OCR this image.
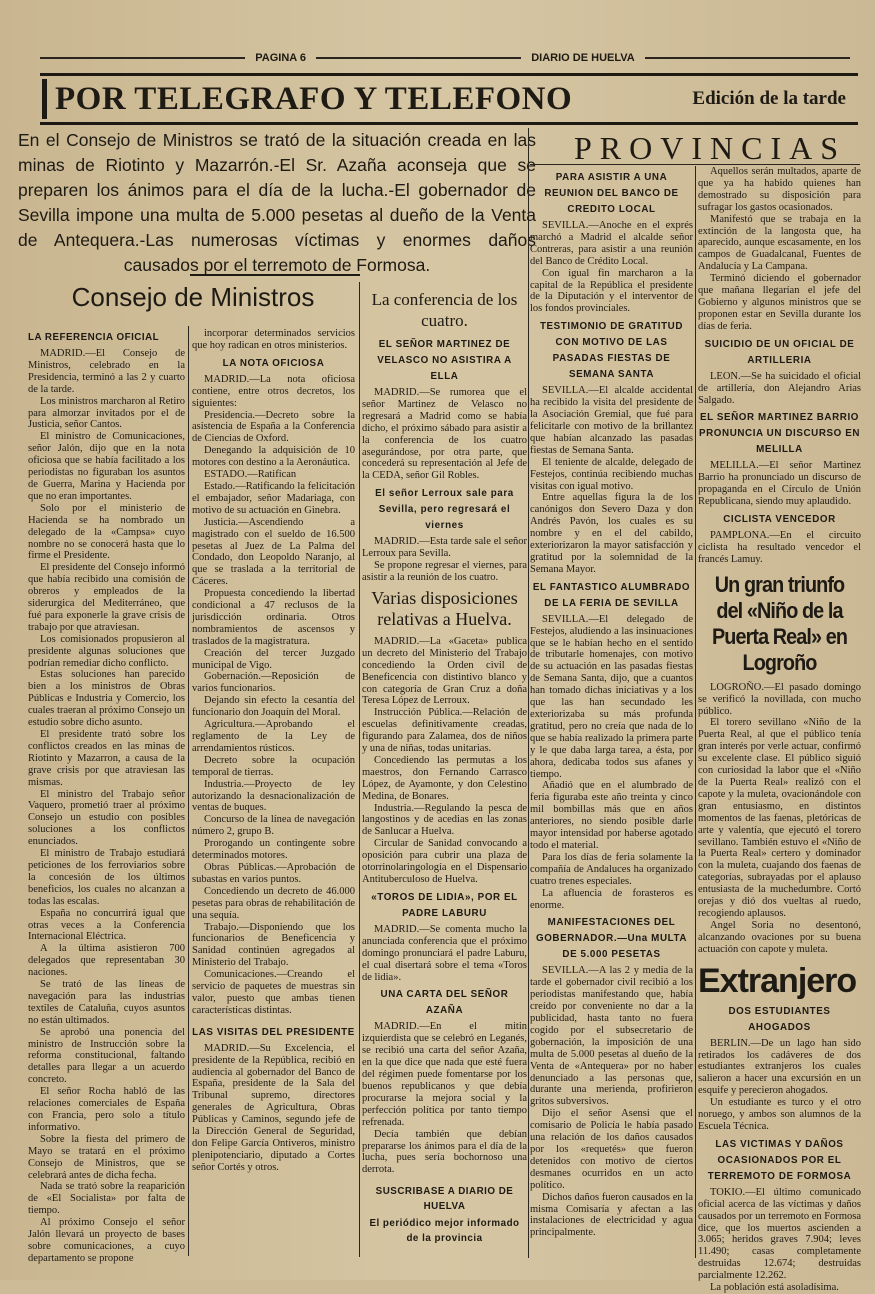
PAGINA 6	DIARIO DE HUELVA
POR TELEGRAFO Y TELEFONO	Edición de la tarde
En el Consejo de Ministros se trató de la situación creada en las minas de Riotinto y Mazarrón.-El Sr. Azaña aconseja que se preparen los ánimos para el día de la lucha.-El gobernador de Sevilla impone una multa de 5.000 pesetas al dueño de la Venta de Antequera.-Las numerosas víctimas y enormes daños causados por el terremoto de Formosa.
Consejo de Ministros
LA REFERENCIA OFICIAL

MADRID.—El Consejo de Ministros, celebrado en la Presidencia, terminó a las 2 y cuarto de la tarde.

Los ministros marcharon al Retiro para almorzar invitados por el de Justicia, señor Cantos.

El ministro de Comunicaciones, señor Jalón, dijo que en la nota oficiosa que se había facilitado a los periodistas no figuraban los asuntos de Guerra, Marina y Hacienda por que no eran importantes.

Solo por el ministerio de Hacienda se ha nombrado un delegado de la «Campsa» cuyo nombre no se conocerá hasta que lo firme el Presidente.

El presidente del Consejo informó que había recibido una comisión de obreros y empleados de la siderurgica del Mediterráneo, que fué para exponerle la grave crisis de trabajo por que atraviesan.

Los comisionados propusieron al presidente algunas soluciones que podrían remediar dicho conflicto.

Estas soluciones han parecido bien a los ministros de Obras Públicas e Industria y Comercio, los cuales traeran al próximo Consejo un estudio sobre dicho asunto.

El presidente trató sobre los conflictos creados en las minas de Riotinto y Mazarron, a causa de la grave crisis por que atraviesan las mismas.

El ministro del Trabajo señor Vaquero, prometió traer al próximo Consejo un estudio con posibles soluciones a los conflictos enunciados.

El ministro de Trabajo estudiará peticiones de los ferroviarios sobre la concesión de los últimos beneficios, los cuales no alcanzan a todas las escalas.

España no concurrirá igual que otras veces a la Conferencia Internacional Eléctrica.

A la última asistieron 700 delegados que representaban 30 naciones.

Se trató de las líneas de navegación para las industrias textiles de Cataluña, cuyos asuntos no están ultimados.

Se aprobó una ponencia del ministro de Instrucción sobre la reforma constitucional, faltando detalles para llegar a un acuerdo concreto.

El señor Rocha habló de las relaciones comerciales de España con Francia, pero solo a título informativo.

Sobre la fiesta del primero de Mayo se tratará en el próximo Consejo de Ministros, que se celebrará antes de dicha fecha.

Nada se trató sobre la reaparición de «El Socialista» por falta de tiempo.

Al próximo Consejo el señor Jalón llevará un proyecto de bases sobre comunicaciones, a cuyo departamento se propone

incorporar determinados servicios que hoy radican en otros ministerios.

LA NOTA OFICIOSA

MADRID.—La nota oficiosa contiene, entre otros decretos, los siguientes:

Presidencia.—Decreto sobre la asistencia de España a la Conferencia de Ciencias de Oxford.

Denegando la adquisición de 10 motores con destino a la Aeronáutica.

ESTADO.—Ratifican

Estado.—Ratificando la felicitación el embajador, señor Madariaga, con motivo de su actuación en Ginebra.

Justicia.—Ascendiendo a magistrado con el sueldo de 16.500 pesetas al Juez de La Palma del Condado, don Leopoldo Naranjo, al que se traslada a la territorial de Cáceres.

Propuesta concediendo la libertad condicional a 47 reclusos de la jurisdicción ordinaria. Otros nombramientos de ascensos y traslados de la magistratura.

Creación del tercer Juzgado municipal de Vigo.

Gobernación.—Reposición de varios funcionarios.

Dejando sin efecto la cesantía del funcionario don Joaquín del Moral.

Agricultura.—Aprobando el reglamento de la Ley de arrendamientos rústicos.

Decreto sobre la ocupación temporal de tierras.

Industria.—Proyecto de ley autorizando la desnacionalización de ventas de buques.

Concurso de la línea de navegación número 2, grupo B.

Prorogando un contingente sobre determinados motores.

Obras Públicas.—Aprobación de subastas en varios puntos.

Concediendo un decreto de 46.000 pesetas para obras de rehabilitación de una sequía.

Trabajo.—Disponiendo que los funcionarios de Beneficencia y Sanidad continúen agregados al Ministerio del Trabajo.

Comunicaciones.—Creando el servicio de paquetes de muestras sin valor, puesto que ambas tienen características distintas.

LAS VISITAS DEL PRESIDENTE

MADRID.—Su Excelencia, el presidente de la República, recibió en audiencia al gobernador del Banco de España, presidente de la Sala del Tribunal supremo, directores generales de Agricultura, Obras Públicas y Caminos, segundo jefe de la Dirección General de Seguridad, don Felipe García Ontiveros, ministro plenipotenciario, diputado a Cortes señor Cortés y otros.

La conferencia de los cuatro.
EL SEÑOR MARTINEZ DE VELASCO NO ASISTIRA A ELLA

MADRID.—Se rumorea que el señor Martinez de Velasco no regresará a Madrid como se había dicho, el próximo sábado para asistir a la conferencia de los cuatro asegurándose, por otra parte, que concederá su representación al Jefe de la CEDA, señor Gil Robles.

El señor Lerroux sale para Sevilla, pero regresará el viernes

MADRID.—Esta tarde sale el señor Lerroux para Sevilla.

Se propone regresar el viernes, para asistir a la reunión de los cuatro.

Varias disposiciones relativas a Huelva.

MADRID.—La «Gaceta» publica un decreto del Ministerio del Trabajo concediendo la Orden civil de Beneficencia con distintivo blanco y con categoría de Gran Cruz a doña Teresa López de Lerroux.

Instrucción Pública.—Relación de escuelas definitivamente creadas, figurando para Zalamea, dos de niños y una de niñas, todas unitarias.

Concediendo las permutas a los maestros, don Fernando Carrasco López, de Ayamonte, y don Celestino Medina, de Bonares.

Industria.—Regulando la pesca de langostinos y de acedias en las zonas de Sanlucar a Huelva.

Circular de Sanidad convocando a oposición para cubrir una plaza de otorrinolaringología en el Dispensario Antituberculoso de Huelva.

«TOROS DE LIDIA», POR EL PADRE LABURU

MADRID.—Se comenta mucho la anunciada conferencia que el próximo domingo pronunciará el padre Laburu, el cual disertará sobre el tema «Toros de lidia».

UNA CARTA DEL SEÑOR AZAÑA

MADRID.—En el mitin izquierdista que se celebró en Leganés, se recibió una carta del señor Azaña, en la que dice que nada que esté fuera del régimen puede fomentarse por los buenos republicanos y que debía procurarse la mejora social y la perfección política por tanto tiempo refrenada.

Decía también que debían prepararse los ánimos para el día de la lucha, pues sería bochornoso una derrota.

SUSCRIBASE A DIARIO DE HUELVA
El periódico mejor informado de la provincia
PROVINCIAS
PARA ASISTIR A UNA REUNION DEL BANCO DE CREDITO LOCAL

SEVILLA.—Anoche en el exprés marchó a Madrid el alcalde señor Contreras, para asistir a una reunión del Banco de Crédito Local.

Con igual fin marcharon a la capital de la República el presidente de la Diputación y el interventor de los fondos provinciales.

TESTIMONIO DE GRATITUD CON MOTIVO DE LAS PASADAS FIESTAS DE SEMANA SANTA

SEVILLA.—El alcalde accidental ha recibido la visita del presidente de la Asociación Gremial, que fué para felicitarle con motivo de la brillantez que habían alcanzado las pasadas fiestas de Semana Santa.

El teniente de alcalde, delegado de Festejos, continúa recibiendo muchas visitas con igual motivo.

Entre aquellas figura la de los canónigos don Severo Daza y don Andrés Pavón, los cuales es su nombre y en el del cabildo, exteriorizaron la mayor satisfacción y gratitud por la solemnidad de la Semana Mayor.

EL FANTASTICO ALUMBRADO DE LA FERIA DE SEVILLA

SEVILLA.—El delegado de Festejos, aludiendo a las insinuaciones que se le habían hecho en el sentido de tributarle homenajes, con motivo de su actuación en las pasadas fiestas de Semana Santa, dijo, que a cuantos han tomado dichas iniciativas y a los que las han secundado les exteriorizaba su más profunda gratitud, pero no creía que nada de lo que se había realizado la primera parte y le que daba larga tarea, a ésta, por ahora, dedicaba todos sus afanes y tiempo.

Añadió que en el alumbrado de feria figuraba este año treinta y cinco mil bombillas más que en años anteriores, no siendo posible darle mayor intensidad por haberse agotado todo el material.

Para los días de feria solamente la compañía de Andaluces ha organizado cuatro trenes especiales.

La afluencia de forasteros es enorme.

MANIFESTACIONES DEL GOBERNADOR.—Una MULTA DE 5.000 PESETAS

SEVILLA.—A las 2 y media de la tarde el gobernador civil recibió a los periodistas manifestando que, había creído por conveniente no dar a la publicidad, hasta tanto no fuera cogido por el subsecretario de gobernación, la imposición de una multa de 5.000 pesetas al dueño de la Venta de «Antequera» por no haber denunciado a las personas que, durante una merienda, profirieron gritos subversivos.

Dijo el señor Asensi que el comisario de Policía le había pasado una relación de los daños causados por los «requetés» que fueron detenidos con motivo de ciertos desmanes ocurridos en un acto político.

Dichos daños fueron causados en la misma Comisaría y afectan a las instalaciones de electricidad y agua principalmente.

Aquellos serán multados, aparte de que ya ha habido quienes han demostrado su disposición para sufragar los gastos ocasionados.

Manifestó que se trabaja en la extinción de la langosta que, ha aparecido, aunque escasamente, en los campos de Guadalcanal, Fuentes de Andalucía y La Campana.

Terminó diciendo el gobernador que mañana llegarían el jefe del Gobierno y algunos ministros que se proponen estar en Sevilla durante los días de feria.

SUICIDIO DE UN OFICIAL DE ARTILLERIA

LEON.—Se ha suicidado el oficial de artillería, don Alejandro Arias Salgado.

EL SEÑOR MARTINEZ BARRIO PRONUNCIA UN DISCURSO EN MELILLA

MELILLA.—El señor Martinez Barrio ha pronunciado un discurso de propaganda en el Círculo de Unión Republicana, siendo muy aplaudido.

CICLISTA VENCEDOR

PAMPLONA.—En el circuito ciclista ha resultado vencedor el francés Lamuy.

Un gran triunfo del «Niño de la Puerta Real» en Logroño

LOGROÑO.—El pasado domingo se verificó la novillada, con mucho público.

El torero sevillano «Niño de la Puerta Real, al que el público tenía gran interés por verle actuar, confirmó su excelente clase. El público siguió con curiosidad la labor que el «Niño de la Puerta Real» realizó con el capote y la muleta, ovacionándole con gran entusiasmo, en distintos momentos de las faenas, pletóricas de arte y valentía, que ejecutó el torero sevillano. También estuvo el «Niño de la Puerta Real» certero y dominador con la muleta, cuajando dos faenas de categorías, subrayadas por el aplauso entusiasta de la muchedumbre. Cortó orejas y dió dos vueltas al ruedo, recogiendo aplausos.

Angel Soria no desentonó, alcanzando ovaciones por su buena actuación con capote y muleta.

Extranjero
DOS ESTUDIANTES AHOGADOS

BERLIN.—De un lago han sido retirados los cadáveres de dos estudiantes extranjeros los cuales salieron a hacer una excursión en un esquife y perecieron ahogados.

Un estudiante es turco y el otro noruego, y ambos son alumnos de la Escuela Técnica.

LAS VICTIMAS Y DAÑOS OCASIONADOS POR EL TERREMOTO DE FORMOSA

TOKIO.—El último comunicado oficial acerca de las víctimas y daños causados por un terremoto en Formosa dice, que los muertos ascienden a 3.065; heridos graves 7.904; leves 11.490; casas completamente destruidas 12.674; destruidas parcialmente 12.262.

La población está asoladísima.
